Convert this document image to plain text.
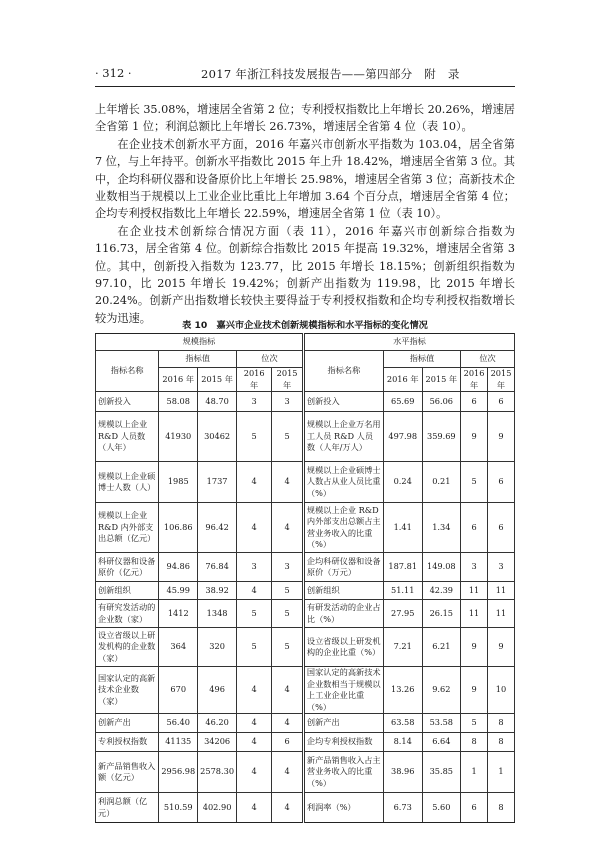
· 312 ·	2017 年浙江科技发展报告——第四部分　附　录

上年增长 35.08%，增速居全省第 2 位；专利授权指数比上年增长 20.26%，增速居全省第 1 位；利润总额比上年增长 26.73%，增速居全省第 4 位（表 10）。

在企业技术创新水平方面，2016 年嘉兴市创新水平指数为 103.04，居全省第 7 位，与上年持平。创新水平指数比 2015 年上升 18.42%，增速居全省第 3 位。其中，企均科研仪器和设备原价比上年增长 25.98%，增速居全省第 3 位；高新技术企业数相当于规模以上工业企业比重比上年增加 3.64 个百分点，增速居全省第 4 位；企均专利授权指数比上年增长 22.59%，增速居全省第 1 位（表 10）。

在企业技术创新综合情况方面（表 11），2016 年嘉兴市创新综合指数为 116.73，居全省第 4 位。创新综合指数比 2015 年提高 19.32%，增速居全省第 3 位。其中，创新投入指数为 123.77，比 2015 年增长 18.15%；创新组织指数为 97.10，比 2015 年增长 19.42%；创新产出指数为 119.98，比 2015 年增长 20.24%。创新产出指数增长较快主要得益于专利授权指数和企均专利授权指数增长较为迅速。

表 10　嘉兴市企业技术创新规模指标和水平指标的变化情况
规模指标					水平指标				
指标名称	指标值		位次		指标名称	指标值		位次	
	2016 年	2015 年	2016 年	2015 年		2016 年	2015 年	2016 年	2015 年
创新投入	58.08	48.70	3	3	创新投入	65.69	56.06	6	6
规模以上企业 R&D 人员数（人年）	41930	30462	5	5	规模以上企业万名用工人员 R&D 人员数（人年/万人）	497.98	359.69	9	9
规模以上企业硕博士人数（人）	1985	1737	4	4	规模以上企业硕博士人数占从业人员比重（%）	0.24	0.21	5	6
规模以上企业 R&D 内外部支出总额（亿元）	106.86	96.42	4	4	规模以上企业 R&D 内外部支出总额占主营业务收入的比重（%）	1.41	1.34	6	6
科研仪器和设备原价（亿元）	94.86	76.84	3	3	企均科研仪器和设备原价（万元）	187.81	149.08	3	3
创新组织	45.99	38.92	4	5	创新组织	51.11	42.39	11	11
有研究发活动的企业数（家）	1412	1348	5	5	有研发活动的企业占比（%）	27.95	26.15	11	11
设立省级以上研发机构的企业数（家）	364	320	5	5	设立省级以上研发机构的企业比重（%）	7.21	6.21	9	9
国家认定的高新技术企业数（家）	670	496	4	4	国家认定的高新技术企业数相当于规模以上工业企业比重（%）	13.26	9.62	9	10
创新产出	56.40	46.20	4	4	创新产出	63.58	53.58	5	8
专利授权指数	41135	34206	4	6	企均专利授权指数	8.14	6.64	8	8
新产品销售收入额（亿元）	2956.98	2578.30	4	4	新产品销售收入占主营业务收入的比重（%）	38.96	35.85	1	1
利润总额（亿元）	510.59	402.90	4	4	利润率（%）	6.73	5.60	6	8
